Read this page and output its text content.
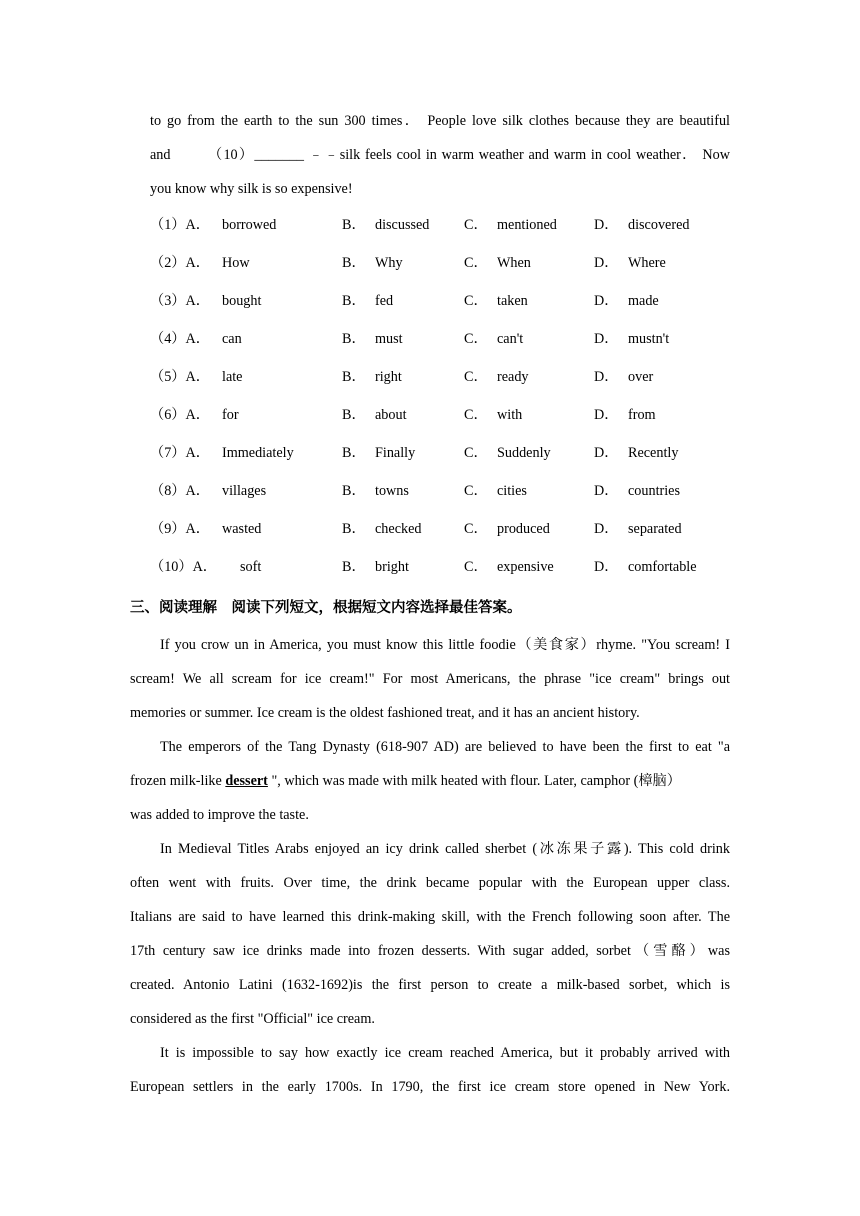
to go from the earth to the sun 300 times． People love silk clothes because they are beautiful
and	（10）_______ ﹣﹣silk feels cool in warm weather and warm in cool weather． Now
you know why silk is so expensive!
（1）A． borrowed	B． discussed C． mentioned	D． discovered
（2）A． How	B． Why	C． When	D． Where
（3）A． bought	B． fed	C． taken	D． made
（4）A． can	B． must	C． can't	D． mustn't
（5）A． late	B． right	C． ready	D． over
（6）A． for	B． about	C． with	D． from
（7）A． Immediately	B． Finally	C． Suddenly	D． Recently
（8）A． villages	B． towns	C． cities	D． countries
（9）A． wasted	B． checked	C． produced	D． separated
（10）A． soft	B． bright	C． expensive	D． comfortable
三、阅读理解　阅读下列短文，根据短文内容选择最佳答案。
If you crow un in America, you must know this little foodie（美食家）rhyme. "You scream! I
scream! We all scream for ice cream!" For most Americans, the phrase "ice cream" brings out
memories or summer. Ice cream is the oldest fashioned treat, and it has an ancient history.
The emperors of the Tang Dynasty (618-907 AD) are believed to have been the first to eat "a
frozen milk-like dessert ", which was made with milk heated with flour. Later, camphor (樟脑）
was added to improve the taste.
In Medieval Titles Arabs enjoyed an icy drink called sherbet (冰冻果子露). This cold drink
often went with fruits. Over time, the drink became popular with the European upper class.
Italians are said to have learned this drink-making skill, with the French following soon after. The
17th century saw ice drinks made into frozen desserts. With sugar added, sorbet（雪酪）was
created. Antonio Latini (1632-1692)is the first person to create a milk-based sorbet, which is
considered as the first "Official" ice cream.
It is impossible to say how exactly ice cream reached America, but it probably arrived with
European settlers in the early 1700s. In 1790, the first ice cream store opened in New York.
